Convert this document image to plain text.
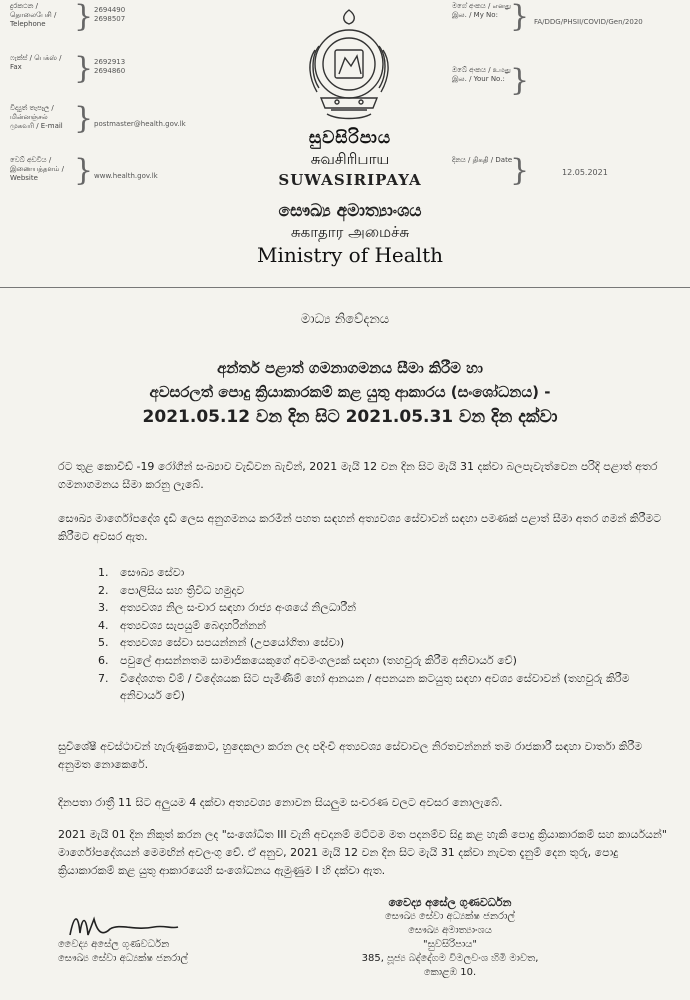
දුරකථන / தொலைபேசி / Telephone } 2694490
2698507
ෆැක්ස් / பெக்ஸ் / Fax	} 2692913
2694860
විද්‍යුත් තැපෑල / மின்னஞ்சல் முகவரி / E-mail } postmaster@health.gov.lk
වෙබ් අඩවිය / இணையத்தளம் / Website	} www.health.gov.lk
සුවසිරිපාය
சுவசிரிபாய
SUWASIRIPAYA
සෞඛ්‍ය අමාත්‍යාංශය
சுகாதார அமைச்சு
Ministry of Health
මගේ අංකය / எனது இல. / My No: } FA/DDG/PHSII/COVID/Gen/2020
ඔබේ අංකය / உமது இல. / Your No.: }
දිනය / திகதி / Date
}	12.05.2021
මාධ්‍ය නිවේදනය
අන්තර් පළාත් ගමනාගමනය සීමා කිරීම හා
අවසරලත් පොදු ක්‍රියාකාරකම් කළ යුතු ආකාරය (සංශෝධනය) -
2021.05.12 වන දින සිට 2021.05.31 වන දින දක්වා

රට තුළ කොවිඩ් -19 රෝගීන් සංඛ්‍යාව වැඩිවන බැවින්, 2021 මැයි 12 වන දින සිට මැයි 31 දක්වා බලපැවැත්වෙන පරිදි පළාත් අතර ගමනාගමනය සීමා කරනු ලැබේ.

සෞඛ්‍ය මාර්ගෝපදේශ දැඩි ලෙස අනුගමනය කරමින් පහත සඳහන් අත්‍යවශ්‍ය සේවාවන් සඳහා පමණක් පළාත් සීමා අතර ගමන් කිරීමට කිරීමට අවසර ඇත.

1. සෞඛ්‍ය සේවා
2. පොලිසිය සහ ත්‍රිවිධ හමුදාව
3. අත්‍යවශ්‍ය නිල සංචාර සඳහා රාජ්‍ය අංශයේ නිලධාරීන්
4. අත්‍යවශ්‍ය සැපයුම් බෙදාහරින්නන්
5. අත්‍යවශ්‍ය සේවා සපයන්නන් (උපයෝගිතා සේවා)
6. පවුලේ ආසන්නතම සාමාජිකයෙකුගේ අවමංගල්‍යක් සඳහා (තහවුරු කිරීම අනිවාර්ය වේ)
7. විදේශගත වීම් / විදේශයක සිට පැමිණීම් හෝ ආනයන / අපනයන කටයුතු සඳහා අවශ්‍ය සේවාවන් (තහවුරු කිරීම අනිවාර්ය වේ)

සුවිශේෂී අවස්ථාවන් හැරුණුකොට, හුදෙකලා කරන ලද පදිංචි අත්‍යවශ්‍ය සේවාවල නිරතවන්නන් තම රාජකාරී සඳහා වාර්තා කිරීම අනුමත නොකෙරේ.

දිනපතා රාත්‍රී 11 සිට අලුයම 4 දක්වා අත්‍යවශ්‍ය නොවන සියලුම සංචරණ වලට අවසර නොලැබේ.

2021 මැයි 01 දින නිකුත් කරන ලද "සංශෝධිත III වැනි අවදානම් මට්ටම මත පදනම්ව සිදු කළ හැකි පොදු ක්‍රියාකාරකම් සහ කාර්යයන්" මාර්ගෝපදේශයන් මෙමඟින් අවලංගු වේ. ඒ අනුව, 2021 මැයි 12 වන දින සිට මැයි 31 දක්වා නැවත දැනුම් දෙන තුරු, පොදු ක්‍රියාකාරකම් කළ යුතු ආකාරයෙහි සංශෝධනය ඇමුණුම I හි දක්වා ඇත.

වෛද්‍ය අසේල ගුණවර්ධන
සෞඛ්‍ය සේවා අධ්‍යක්ෂ ජනරාල්
වෛද්‍ය අසේල ගුණවර්ධන
සෞඛ්‍ය සේවා අධ්‍යක්ෂ ජනරාල්
සෞඛ්‍ය අමාත්‍යාංශය
"සුවසිරිපාය"
385, පූජ්‍ය බද්දේගම විමලවංශ හිමි මාවත,
කොළඹ 10.
